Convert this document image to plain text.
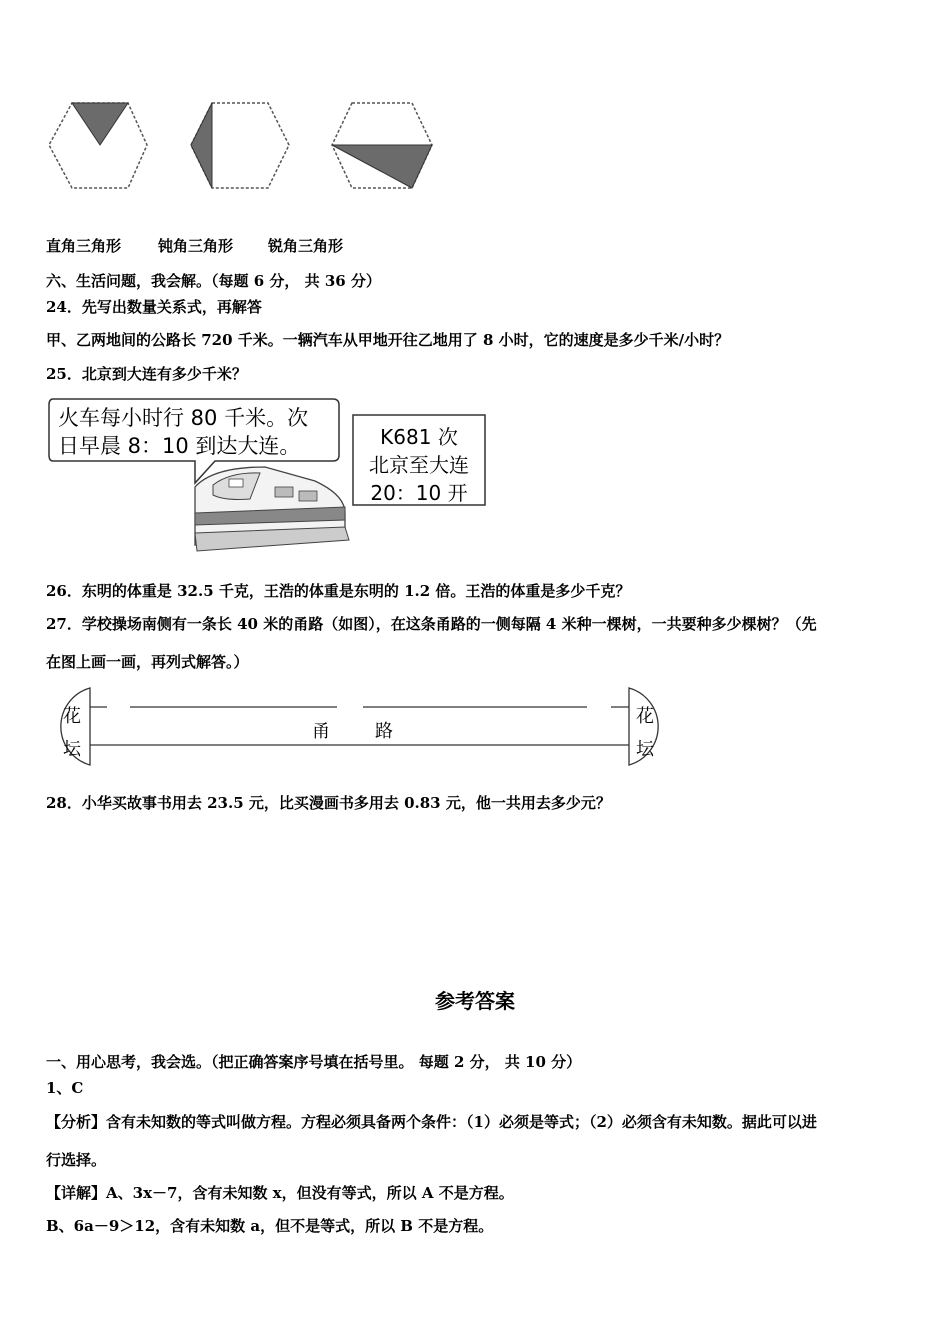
直角三角形 钝角三角形 锐角三角形
六、生活问题，我会解。（每题 6 分， 共 36 分）
24．先写出数量关系式，再解答
甲、乙两地间的公路长 720 千米。一辆汽车从甲地开往乙地用了 8 小时，它的速度是多少千米/小时？
25．北京到大连有多少千米？
火车每小时行 80 千米。次
日早晨 8：10 到达大连。	K681 次
北京至大连
20：10 开
26．东明的体重是 32.5 千克，王浩的体重是东明的 1.2 倍。王浩的体重是多少千克？
27．学校操场南侧有一条长 40 米的甬路（如图），在这条甬路的一侧每隔 4 米种一棵树，一共要种多少棵树？（先
在图上画一画，再列式解答。）
花
坛
花
坛
甬	路
28．小华买故事书用去 23.5 元，比买漫画书多用去 0.83 元，他一共用去多少元？
参考答案
一、用心思考，我会选。（把正确答案序号填在括号里。 每题 2 分， 共 10 分）
1、C
【分析】含有未知数的等式叫做方程。方程必须具备两个条件：（1）必须是等式；（2）必须含有未知数。据此可以进
行选择。
【详解】A、3x－7，含有未知数 x，但没有等式，所以 A 不是方程。
B、6a－9＞12，含有未知数 a，但不是等式，所以 B 不是方程。
